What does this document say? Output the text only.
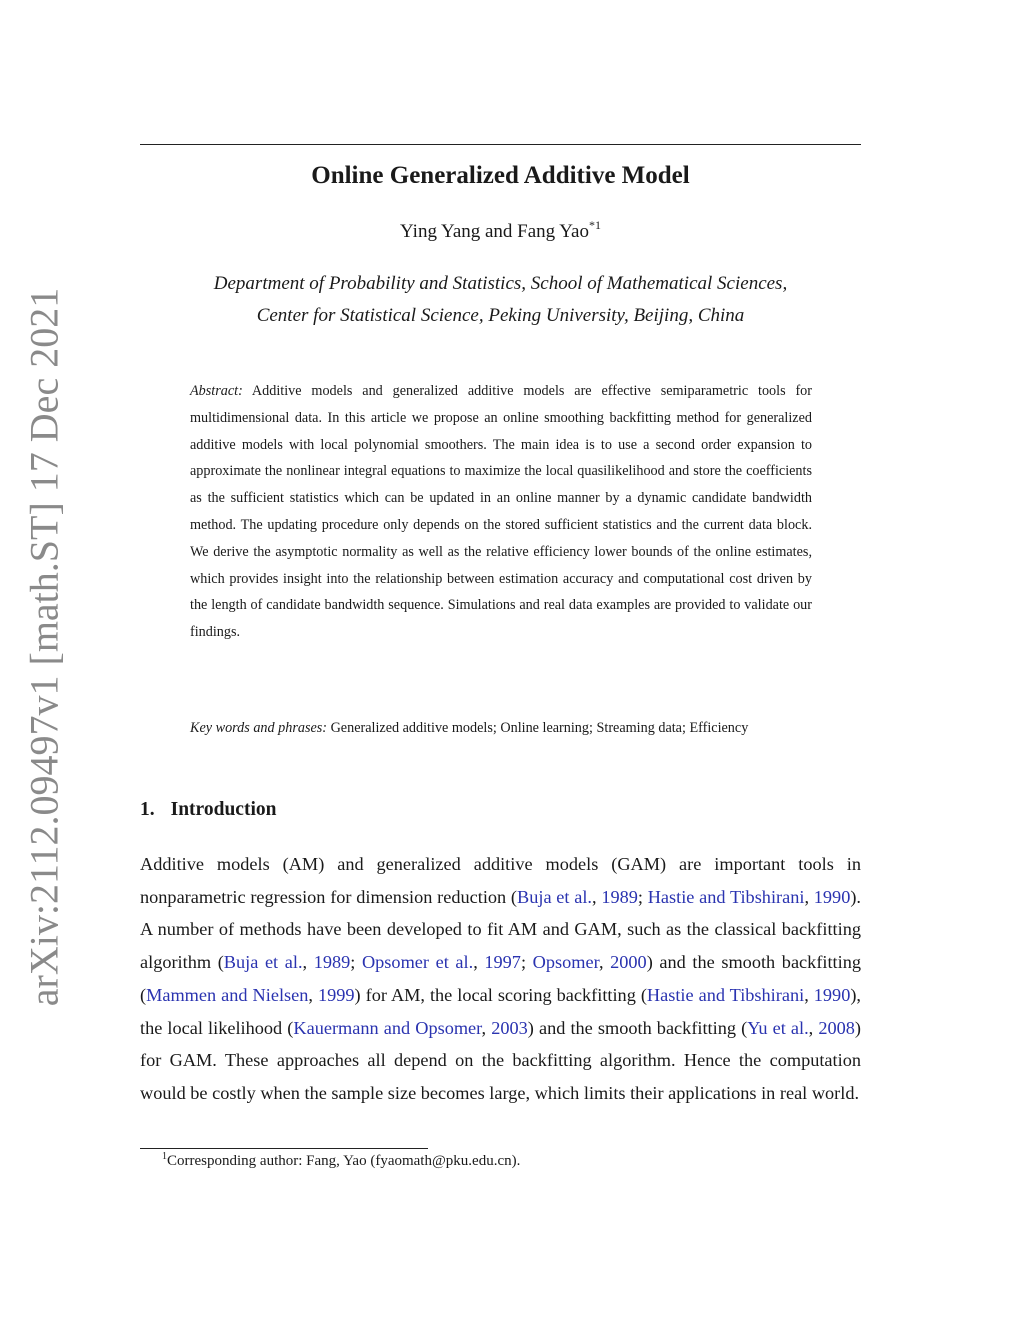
arXiv:2112.09497v1 [math.ST] 17 Dec 2021
Online Generalized Additive Model
Ying Yang and Fang Yao$^{*1}$
Department of Probability and Statistics, School of Mathematical Sciences,
Center for Statistical Science, Peking University, Beijing, China
Abstract: Additive models and generalized additive models are effective semiparametric tools for multidimensional data. In this article we propose an online smoothing backfitting method for generalized additive models with local polynomial smoothers. The main idea is to use a second order expansion to approximate the nonlinear integral equations to maximize the local quasilikelihood and store the coefficients as the sufficient statistics which can be updated in an online manner by a dynamic candidate bandwidth method. The updating procedure only depends on the stored sufficient statistics and the current data block. We derive the asymptotic normality as well as the relative efficiency lower bounds of the online estimates, which provides insight into the relationship between estimation accuracy and computational cost driven by the length of candidate bandwidth sequence. Simulations and real data examples are provided to validate our findings.
Key words and phrases: Generalized additive models; Online learning; Streaming data; Efficiency
1. Introduction
Additive models (AM) and generalized additive models (GAM) are important tools in nonparametric regression for dimension reduction (Buja et al., 1989; Hastie and Tibshirani, 1990). A number of methods have been developed to fit AM and GAM, such as the classical backfitting algorithm (Buja et al., 1989; Opsomer et al., 1997; Opsomer, 2000) and the smooth backfitting (Mammen and Nielsen, 1999) for AM, the local scoring backfitting (Hastie and Tibshirani, 1990), the local likelihood (Kauermann and Opsomer, 2003) and the smooth backfitting (Yu et al., 2008) for GAM. These approaches all depend on the backfitting algorithm. Hence the computation would be costly when the sample size becomes large, which limits their applications in real world.
$^1$Corresponding author: Fang, Yao (fyaomath@pku.edu.cn).
